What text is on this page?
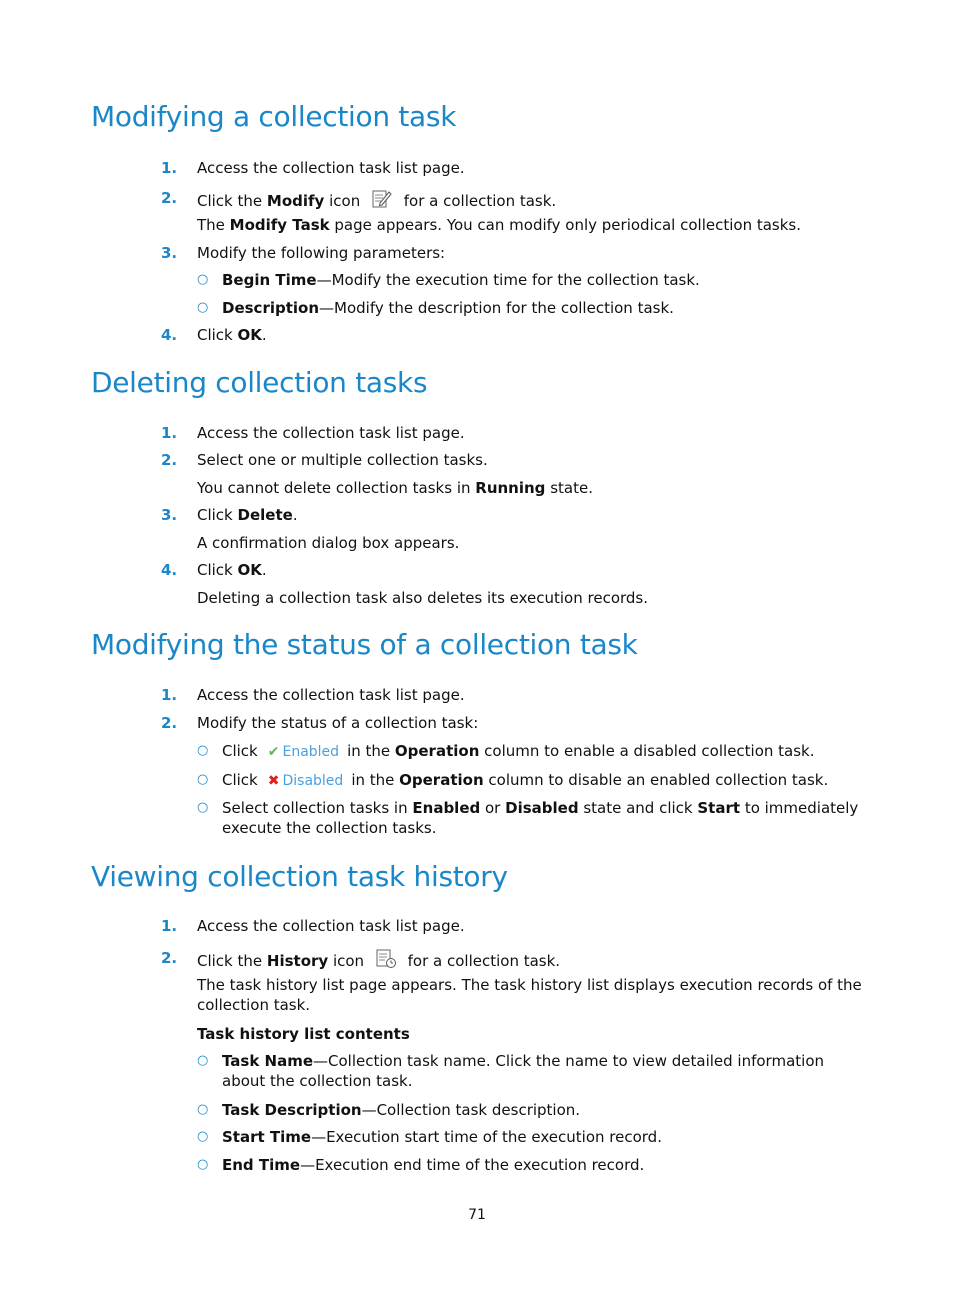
Modifying a collection task
1. Access the collection task list page.
2. Click the Modify icon	for a collection task.
The Modify Task page appears. You can modify only periodical collection tasks.
3. Modify the following parameters:
○ Begin Time—Modify the execution time for the collection task.
○ Description—Modify the description for the collection task.
4. Click OK.
Deleting collection tasks
1. Access the collection task list page.
2. Select one or multiple collection tasks.
You cannot delete collection tasks in Running state.
3. Click Delete.
A confirmation dialog box appears.
4. Click OK.
Deleting a collection task also deletes its execution records.
Modifying the status of a collection task
1. Access the collection task list page.
2. Modify the status of a collection task:
○ Click ✔ Enabled in the Operation column to enable a disabled collection task.
○ Click ✖ Disabled in the Operation column to disable an enabled collection task.
○ Select collection tasks in Enabled or Disabled state and click Start to immediately execute the collection tasks.
Viewing collection task history
1. Access the collection task list page.
2. Click the History icon	for a collection task.
The task history list page appears. The task history list displays execution records of the collection task.
Task history list contents
○ Task Name—Collection task name. Click the name to view detailed information about the collection task.
○ Task Description—Collection task description.
○ Start Time—Execution start time of the execution record.
○ End Time—Execution end time of the execution record.
71
